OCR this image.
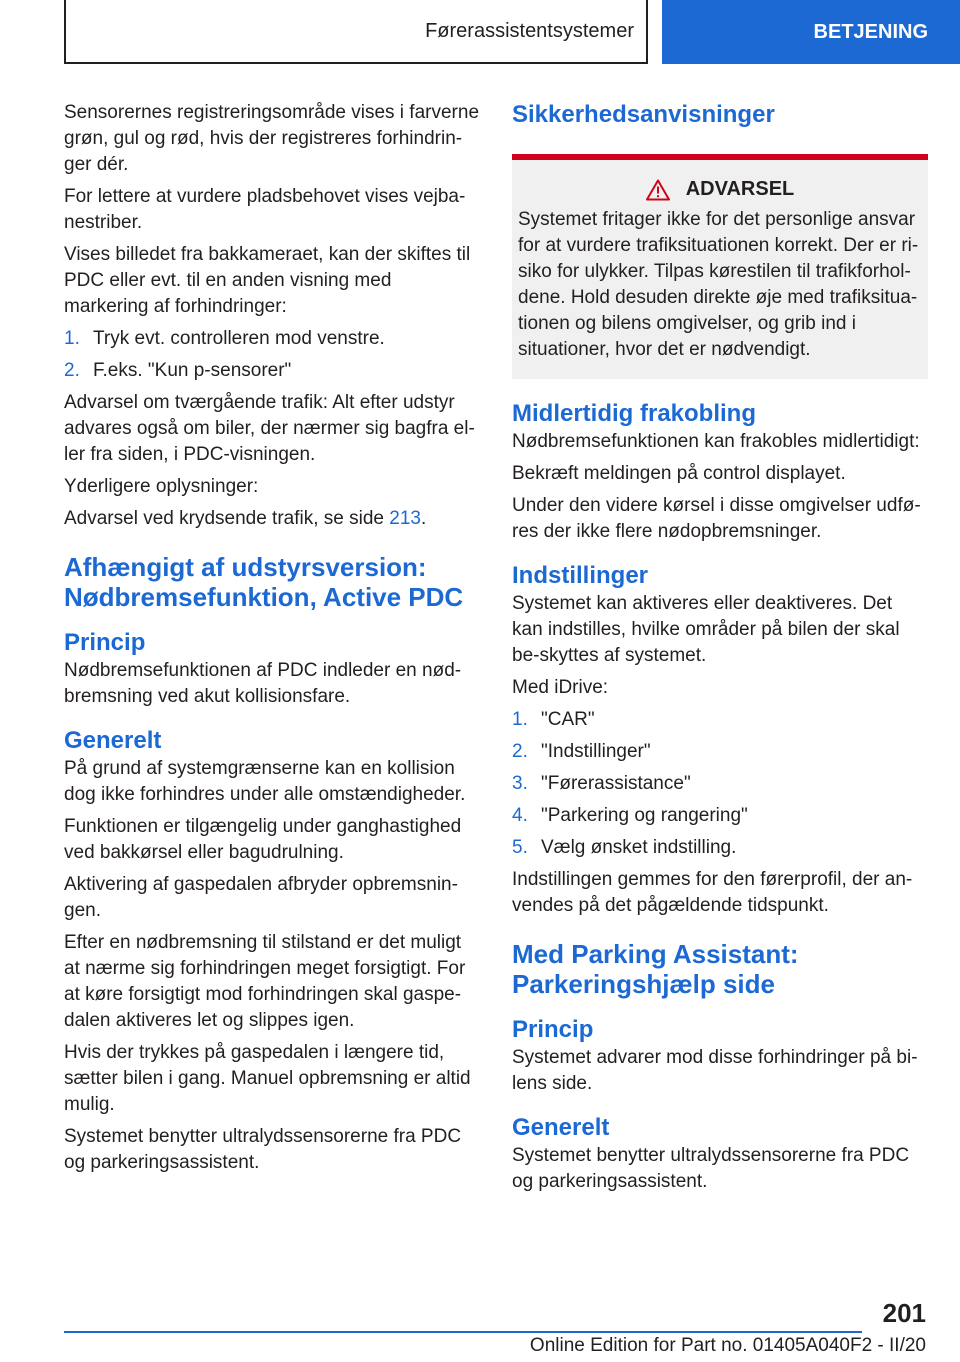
Førerassistentsystemer	BETJENING

Sensorernes registreringsområde vises i farverne grøn, gul og rød, hvis der registreres forhindrin-ger dér.

For lettere at vurdere pladsbehovet vises vejba-nestriber.

Vises billedet fra bakkameraet, kan der skiftes til PDC eller evt. til en anden visning med markering af forhindringer:

1. Tryk evt. controlleren mod venstre.
2. F.eks. "Kun p-sensorer"

Advarsel om tværgående trafik: Alt efter udstyr advares også om biler, der nærmer sig bagfra el-ler fra siden, i PDC-visningen.

Yderligere oplysninger:

Advarsel ved krydsende trafik, se side 213.

Afhængigt af udstyrsversion: Nødbremsefunktion, Active PDC
Princip

Nødbremsefunktionen af PDC indleder en nød-bremsning ved akut kollisionsfare.

Generelt

På grund af systemgrænserne kan en kollision dog ikke forhindres under alle omstændigheder.

Funktionen er tilgængelig under ganghastighed ved bakkørsel eller bagudrulning.

Aktivering af gaspedalen afbryder opbremsnin-gen.

Efter en nødbremsning til stilstand er det muligt at nærme sig forhindringen meget forsigtigt. For at køre forsigtigt mod forhindringen skal gaspe-dalen aktiveres let og slippes igen.

Hvis der trykkes på gaspedalen i længere tid, sætter bilen i gang. Manuel opbremsning er altid mulig.

Systemet benytter ultralydssensorerne fra PDC og parkeringsassistent.

Sikkerhedsanvisninger
ADVARSEL

Systemet fritager ikke for det personlige ansvar for at vurdere trafiksituationen korrekt. Der er ri-siko for ulykker. Tilpas kørestilen til trafikforhol-dene. Hold desuden direkte øje med trafiksitua-tionen og bilens omgivelser, og grib ind i situationer, hvor det er nødvendigt.

Midlertidig frakobling

Nødbremsefunktionen kan frakobles midlertidigt:

Bekræft meldingen på control displayet.

Under den videre kørsel i disse omgivelser udfø-res der ikke flere nødopbremsninger.

Indstillinger

Systemet kan aktiveres eller deaktiveres. Det kan indstilles, hvilke områder på bilen der skal be-skyttes af systemet.

Med iDrive:

1. "CAR"
2. "Indstillinger"
3. "Førerassistance"
4. "Parkering og rangering"
5. Vælg ønsket indstilling.

Indstillingen gemmes for den førerprofil, der an-vendes på det pågældende tidspunkt.

Med Parking Assistant: Parkeringshjælp side
Princip

Systemet advarer mod disse forhindringer på bi-lens side.

Generelt

Systemet benytter ultralydssensorerne fra PDC og parkeringsassistent.

201
Online Edition for Part no. 01405A040F2 - II/20
